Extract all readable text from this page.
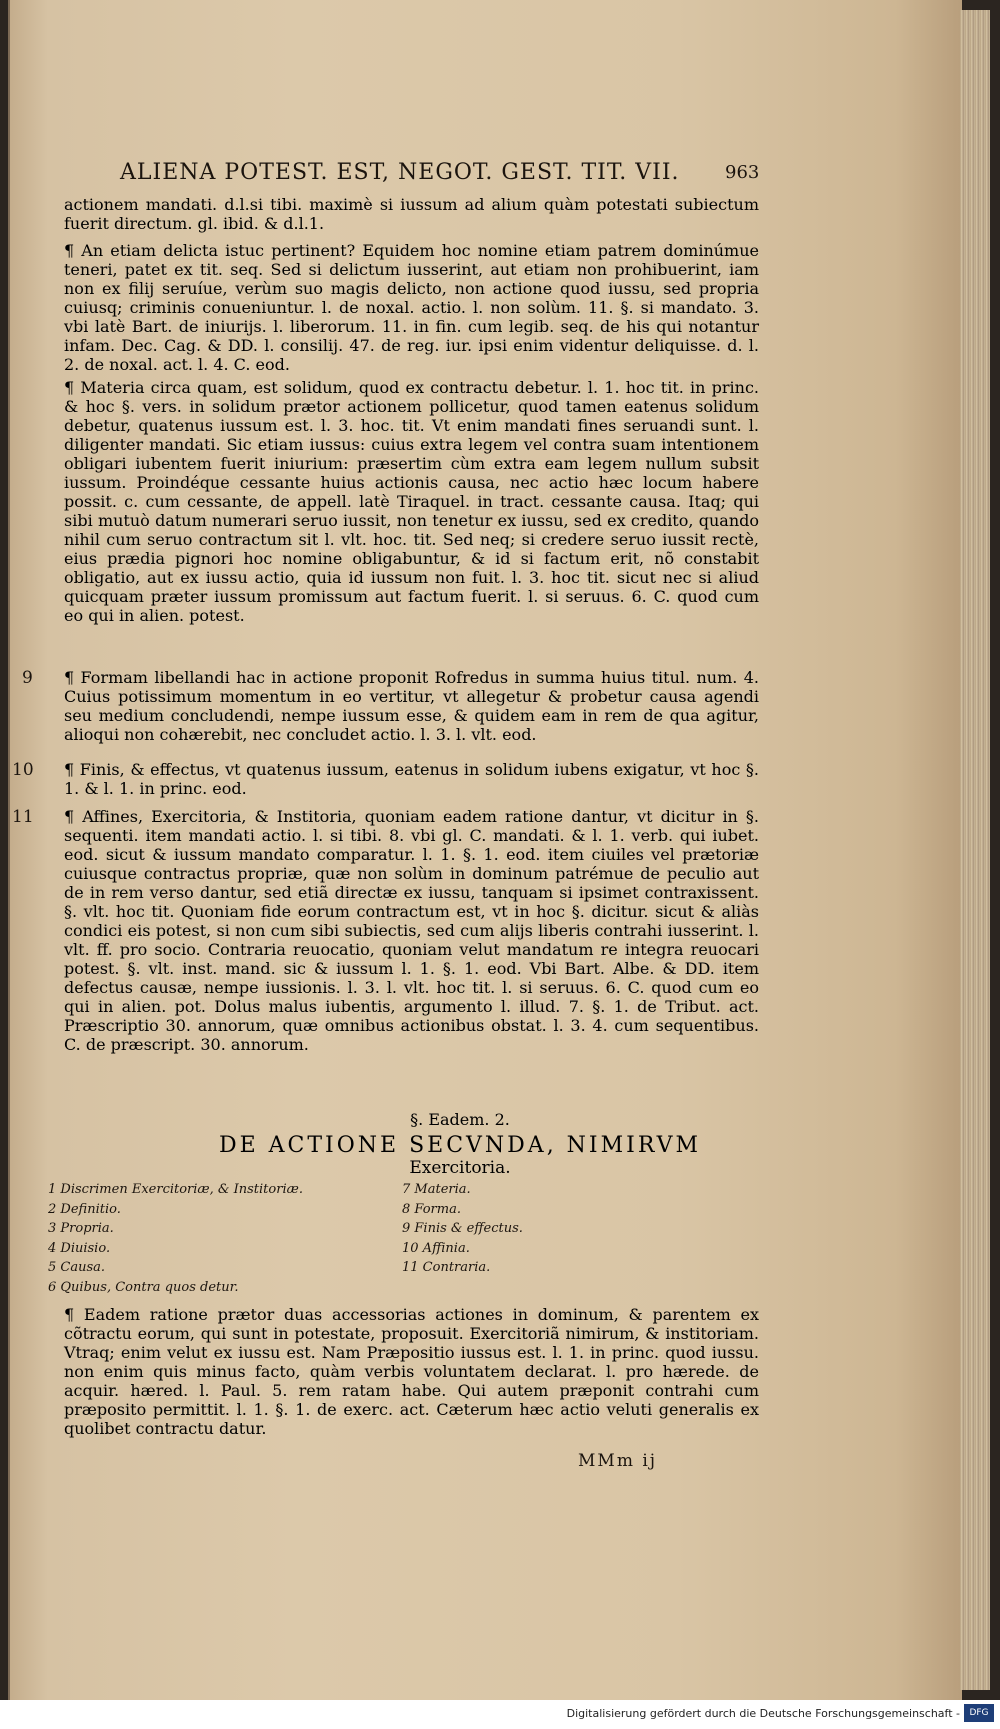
ALIENA POTEST. EST, NEGOT. GEST. TIT. VII.	963

actionem mandati. d.l.si tibi. maximè si iussum ad alium quàm potestati subiectum fuerit directum. gl. ibid. & d.l.1.

¶ An etiam delicta istuc pertinent? Equidem hoc nomine etiam patrem dominúmue teneri, patet ex tit. seq. Sed si delictum iusserint, aut etiam non prohibuerint, iam non ex filij seruíue, verùm suo magis delicto, non actione quod iussu, sed propria cuiusq; criminis conueniuntur. l. de noxal. actio. l. non solùm. 11. §. si mandato. 3. vbi latè Bart. de iniurijs. l. liberorum. 11. in fin. cum legib. seq. de his qui notantur infam. Dec. Cag. & DD. l. consilij. 47. de reg. iur. ipsi enim videntur deliquisse. d. l. 2. de noxal. act. l. 4. C. eod.

¶ Materia circa quam, est solidum, quod ex contractu debetur. l. 1. hoc tit. in princ. & hoc §. vers. in solidum prætor actionem pollicetur, quod tamen eatenus solidum debetur, quatenus iussum est. l. 3. hoc. tit. Vt enim mandati fines seruandi sunt. l. diligenter mandati. Sic etiam iussus: cuius extra legem vel contra suam intentionem obligari iubentem fuerit iniurium: præsertim cùm extra eam legem nullum subsit iussum. Proindéque cessante huius actionis causa, nec actio hæc locum habere possit. c. cum cessante, de appell. latè Tiraquel. in tract. cessante causa. Itaq; qui sibi mutuò datum numerari seruo iussit, non tenetur ex iussu, sed ex credito, quando nihil cum seruo contractum sit l. vlt. hoc. tit. Sed neq; si credere seruo iussit rectè, eius prædia pignori hoc nomine obligabuntur, & id si factum erit, nõ constabit obligatio, aut ex iussu actio, quia id iussum non fuit. l. 3. hoc tit. sicut nec si aliud quicquam præter iussum promissum aut factum fuerit. l. si seruus. 6. C. quod cum eo qui in alien. potest.

9 ¶ Formam libellandi hac in actione proponit Rofredus in summa huius titul. num. 4. Cuius potissimum momentum in eo vertitur, vt allegetur & probetur causa agendi seu medium concludendi, nempe iussum esse, & quidem eam in rem de qua agitur, alioqui non cohærebit, nec concludet actio. l. 3. l. vlt. eod.

10 ¶ Finis, & effectus, vt quatenus iussum, eatenus in solidum iubens exigatur, vt hoc §. 1. & l. 1. in princ. eod.

11 ¶ Affines, Exercitoria, & Institoria, quoniam eadem ratione dantur, vt dicitur in §. sequenti. item mandati actio. l. si tibi. 8. vbi gl. C. mandati. & l. 1. verb. qui iubet. eod. sicut & iussum mandato comparatur. l. 1. §. 1. eod. item ciuiles vel prætoriæ cuiusque contractus propriæ, quæ non solùm in dominum patrémue de peculio aut de in rem verso dantur, sed etiã directæ ex iussu, tanquam si ipsimet contraxissent. §. vlt. hoc tit. Quoniam fide eorum contractum est, vt in hoc §. dicitur. sicut & aliàs condici eis potest, si non cum sibi subiectis, sed cum alijs liberis contrahi iusserint. l. vlt. ff. pro socio. Contraria reuocatio, quoniam velut mandatum re integra reuocari potest. §. vlt. inst. mand. sic & iussum l. 1. §. 1. eod. Vbi Bart. Albe. & DD. item defectus causæ, nempe iussionis. l. 3. l. vlt. hoc tit. l. si seruus. 6. C. quod cum eo qui in alien. pot. Dolus malus iubentis, argumento l. illud. 7. §. 1. de Tribut. act. Præscriptio 30. annorum, quæ omnibus actionibus obstat. l. 3. 4. cum sequentibus. C. de præscript. 30. annorum.

§. Eadem. 2.
DE ACTIONE SECVNDA, NIMIRVM
Exercitoria.
1 Discrimen Exercitoriæ, & Institoriæ.
2 Definitio.
3 Propria.
4 Diuisio.
5 Causa.
6 Quibus, Contra quos detur.
7 Materia.
8 Forma.
9 Finis & effectus.
10 Affinia.
11 Contraria.

¶ Eadem ratione prætor duas accessorias actiones in dominum, & parentem ex cõtractu eorum, qui sunt in potestate, proposuit. Exercitoriã nimirum, & institoriam. Vtraq; enim velut ex iussu est. Nam Præpositio iussus est. l. 1. in princ. quod iussu. non enim quis minus facto, quàm verbis voluntatem declarat. l. pro hærede. de acquir. hæred. l. Paul. 5. rem ratam habe. Qui autem præponit contrahi cum præposito permittit. l. 1. §. 1. de exerc. act. Cæterum hæc actio veluti generalis ex quolibet contractu datur.

MMm ij
Digitalisierung gefördert durch die Deutsche Forschungsgemeinschaft -	DFG
